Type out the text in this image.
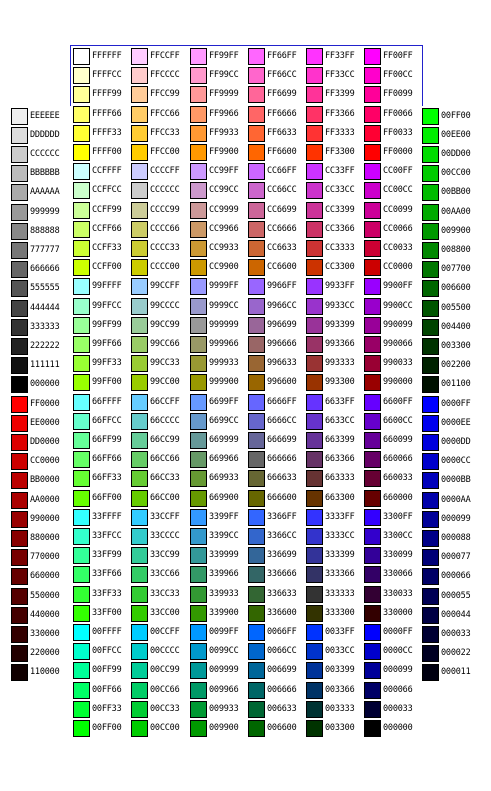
FFFFFF
FFFFCC
FFFF99
FFFF66
FFFF33
FFFF00
CCFFFF
CCFFCC
CCFF99
CCFF66
CCFF33
CCFF00
99FFFF
99FFCC
99FF99
99FF66
99FF33
99FF00
66FFFF
66FFCC
66FF99
66FF66
66FF33
66FF00
33FFFF
33FFCC
33FF99
33FF66
33FF33
33FF00
00FFFF
00FFCC
00FF99
00FF66
00FF33
00FF00
FFCCFF
FFCCCC
FFCC99
FFCC66
FFCC33
FFCC00
CCCCFF
CCCCCC
CCCC99
CCCC66
CCCC33
CCCC00
99CCFF
99CCCC
99CC99
99CC66
99CC33
99CC00
66CCFF
66CCCC
66CC99
66CC66
66CC33
66CC00
33CCFF
33CCCC
33CC99
33CC66
33CC33
33CC00
00CCFF
00CCCC
00CC99
00CC66
00CC33
00CC00
FF99FF
FF99CC
FF9999
FF9966
FF9933
FF9900
CC99FF
CC99CC
CC9999
CC9966
CC9933
CC9900
9999FF
9999CC
999999
999966
999933
999900
6699FF
6699CC
669999
669966
669933
669900
3399FF
3399CC
339999
339966
339933
339900
0099FF
0099CC
009999
009966
009933
009900
FF66FF
FF66CC
FF6699
FF6666
FF6633
FF6600
CC66FF
CC66CC
CC6699
CC6666
CC6633
CC6600
9966FF
9966CC
996699
996666
996633
996600
6666FF
6666CC
666699
666666
666633
666600
3366FF
3366CC
336699
336666
336633
336600
0066FF
0066CC
006699
006666
006633
006600
FF33FF
FF33CC
FF3399
FF3366
FF3333
FF3300
CC33FF
CC33CC
CC3399
CC3366
CC3333
CC3300
9933FF
9933CC
993399
993366
993333
993300
6633FF
6633CC
663399
663366
663333
663300
3333FF
3333CC
333399
333366
333333
333300
0033FF
0033CC
003399
003366
003333
003300
FF00FF
FF00CC
FF0099
FF0066
FF0033
FF0000
CC00FF
CC00CC
CC0099
CC0066
CC0033
CC0000
9900FF
9900CC
990099
990066
990033
990000
6600FF
6600CC
660099
660066
660033
660000
3300FF
3300CC
330099
330066
330033
330000
0000FF
0000CC
000099
000066
000033
000000
EEEEEE
DDDDDD
CCCCCC
BBBBBB
AAAAAA
999999
888888
777777
666666
555555
444444
333333
222222
111111
000000
FF0000
EE0000
DD0000
CC0000
BB0000
AA0000
990000
880000
770000
660000
550000
440000
330000
220000
110000
00FF00
00EE00
00DD00
00CC00
00BB00
00AA00
009900
008800
007700
006600
005500
004400
003300
002200
001100
0000FF
0000EE
0000DD
0000CC
0000BB
0000AA
000099
000088
000077
000066
000055
000044
000033
000022
000011
